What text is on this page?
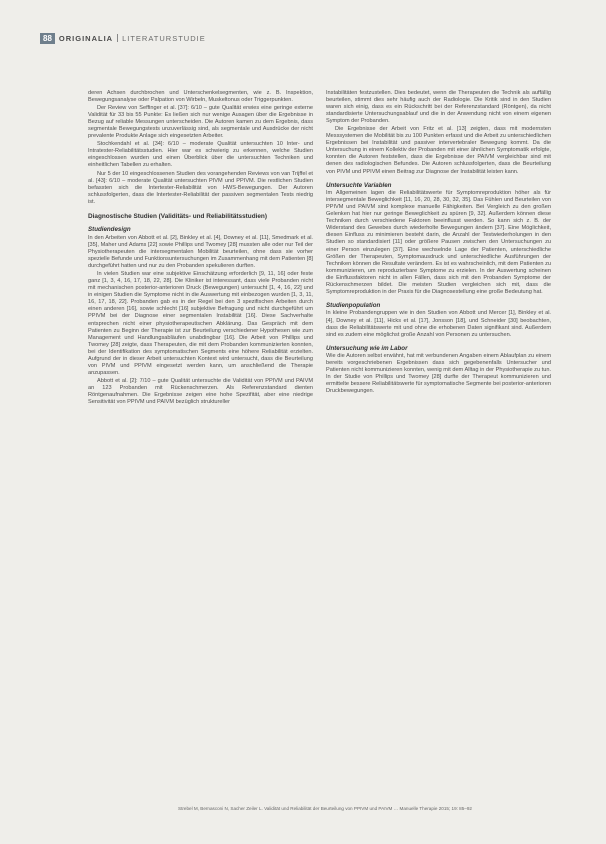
88 ORIGINALIA LITERATURSTUDIE
deren Achsen durchbrochen und Unterschenkelsegmenten, wie z. B. Inspektion, Bewegungsanalyse oder Palpation von Wirbeln, Muskeltonus oder Triggerpunkten.
Der Review von Seffinger et al. [37]: 6/10 – gute Qualität erwies eine geringe externe Validität für 33 bis 55 Punkte: Es ließen sich nur wenige Ausagen über die Ergebnisse in Bezug auf reliable Messungen unterscheiden. Die Autoren kamen zu dem Ergebnis, dass segmentale Bewegungstests unzuverlässig sind, als segmentale und Ausdrücke der nicht prevalente Produkte Anlage sich eingesetzten Arbeiter.
Stochkendahl et al. [34]: 6/10 – moderate Qualität untersuchten 10 Inter- und Intratester-Reliabilitätsstudien. Hier war es schwierig zu erkennen, welche Studien eingeschlossen wurden und einen Überblick über die untersuchten Techniken und einheitlichen Tabellen zu erhalten.
Nur 5 der 10 eingeschlossenen Studien des vorangehenden Reviews von van Trijffel et al. [43]: 6/10 – moderate Qualität untersuchten PIVM und PPIVM. Die restlichen Studien befassten sich die Intertester-Reliabilität von HWS-Bewegungen. Der Autoren schlussfolgerten, dass die Intertester-Reliabilität der passiven segmentalen Tests niedrig ist.
Diagnostische Studien (Validitäts- und Reliabilitätsstudien)
Studiendesign
In den Arbeiten von Abbott et al. [2], Binkley et al. [4], Downey et al. [11], Smedmark et al. [35], Maher und Adams [22] sowie Phillips und Twomey [28] mussten alle oder nur Teil der Physiotherapeuten die intersegmentalen Mobilität beurteilen, ohne dass sie vorher spezielle Befunde und Funktionsuntersuchungen im Zusammenhang mit dem Patienten [8] durchgeführt hatten und nur zu den Probanden spekulieren durften.
In vielen Studien war eine subjektive Einschätzung erforderlich [9, 11, 16] oder feste ganz [1, 3, 4, 16, 17, 18, 22, 28]. Die Kliniker ist interessant, dass viele Probanden nicht mit mechanischen posterior-anterioren Druck (Bewegungen) untersucht [1, 4, 16, 22] und in einigen Studien die Symptome nicht in die Auswertung mit einbezogen wurden [1, 3, 11, 16, 17, 18, 22]. Probanden gab es in der Regel bei den 3 spezifischen Arbeiten durch einen anderen [16], sowie schlecht [16] subjektive Befragung und nicht durchgeführt um PPIVM bei der Diagnose einer segmentalen Instabilität [16]. Diese Sachverhalte entsprechen nicht einer physiotherapeutischen Abklärung. Das Gespräch mit dem Patienten zu Beginn der Therapie ist zur Beurteilung verschiedener Hypothesen wie zum Management und Handlungsabläufen unabdingbar [16]. Die Arbeit von Phillips und Twomey [28] zeigte, dass Therapeuten, die mit dem Probanden kommunizierten konnten, bei der Identifikation des symptomatischen Segments eine höhere Reliabilität erzielten. Aufgrund der in dieser Arbeit untersuchten Kontext wird untersucht, dass die Beurteilung von PIVM und PPIVM eingesetzt werden kann, um anschließend die Therapie anzupassen.
Abbott et al. [2]: 7/10 – gute Qualität untersuchte die Validität von PPIVM und PAIVM an 123 Probanden mit Rückenschmerzen. Als Referenzstandard dienten Röntgenaufnahmen. Die Ergebnisse zeigen eine hohe Spezifität, aber eine niedrige Sensitivität von PPIVM und PAIVM bezüglich struktureller
Instabilitäten festzustellen. Dies bedeutet, wenn die Therapeuten die Technik als auffällig beurteilen, stimmt dies sehr häufig auch der Radiologie. Die Kritik sind in den Studien waren sich einig, dass es ein Rückschritt bei der Referenzstandard (Röntgen), da nicht standardisierte Untersuchungsablauf und die in der Anwendung nicht von einem eigenen Symptom der Probanden.
Die Ergebnisse der Arbeit von Fritz et al. [13] zeigten, dass mit modernsten Messsystemen die Mobilität bis zu 100 Punkten erfasst und die Arbeit zu unterschiedlichen Ergebnissen bei Instabilität und passiver intervertebraler Bewegung kommt. Da die Untersuchung in einem Kollektiv der Probanden mit einer ähnlichen Symptomatik erfolgte, konnten die Autoren feststellen, dass die Ergebnisse der PAIVM vergleichbar sind mit denen des radiologischen Befundes. Die Autoren schlussfolgerten, dass die Beurteilung von PIVM und PPIVM einen Beitrag zur Diagnose der Instabilität leisten kann.
Untersuchte Variablen
Im Allgemeinen lagen die Reliabilitätswerte für Symptomreproduktion höher als für intersegmentale Beweglichkeit [11, 16, 20, 28, 30, 32, 35]. Das Fühlen und Beurteilen von PPIVM und PAIVM sind komplexe manuelle Fähigkeiten. Bei Vergleich zu den großen Gelenken hat hier nur geringe Beweglichkeit zu spüren [9, 32]. Außerdem können diese Techniken durch verschiedene Faktoren beeinflusst werden. So kann sich z. B. der Widerstand des Gewebes durch wiederholte Bewegungen ändern [37]. Eine Möglichkeit, diesen Einfluss zu minimieren besteht darin, die Anzahl der Testwiederholungen in den Studien so standardisiert [11] oder größere Pausen zwischen den Untersuchungen zu einer Person einzulegen [37]. Eine wechselnde Lage der Patienten, unterschiedliche Größen der Therapeuten, Symptomausdruck und unterschiedliche Ausführungen der Techniken können die Resultate verändern. Es ist es wahrscheinlich, mit dem Patienten zu kommunizieren, um reproduzierbare Symptome zu erzielen. In der Auswertung scheinen die Einflussfaktoren nicht in allen Fällen, dass sich mit den Probanden Symptome der Rückenschmerzen bildet. Die meisten Studien vergleichen sich mit, dass die Symptomreproduktion in der Praxis für die Diagnosestellung eine große Bedeutung hat.
Studienpopulation
In kleine Probandengruppen wie in den Studien von Abbott und Mercer [1], Binkley et al. [4], Downey et al. [11], Hicks et al. [17], Jonsson [18], und Schneider [30] beobachten, dass die Reliabilitätswerte mit und ohne die erhobenen Daten signifikant sind. Außerdem sind es zudem eine möglichst große Anzahl von Personen zu untersuchen.
Untersuchung wie im Labor
Wie die Autoren selbst erwähnt, hat mit verbundenen Angaben einem Ablaufplan zu einem bereits vorgeschriebenen Ergebnissen dass sich gegebenenfalls Untersucher und Patienten nicht kommunizieren konnten, wenig mit dem Alltag in der Physiotherapie zu tun. In der Studie von Phillips und Twomey [28] durfte der Therapeut kommunizieren und ermittelte bessere Reliabilitätswerte für symptomatische Segmente bei posterior-anterioren Druckbewegungen.
Strebel M, Bernasconi N, Sacher Zeiler L. Validität und Reliabilität der Beurteilung von PPIVM und PAIVM … Manuelle Therapie 2015; 19: 85–92
